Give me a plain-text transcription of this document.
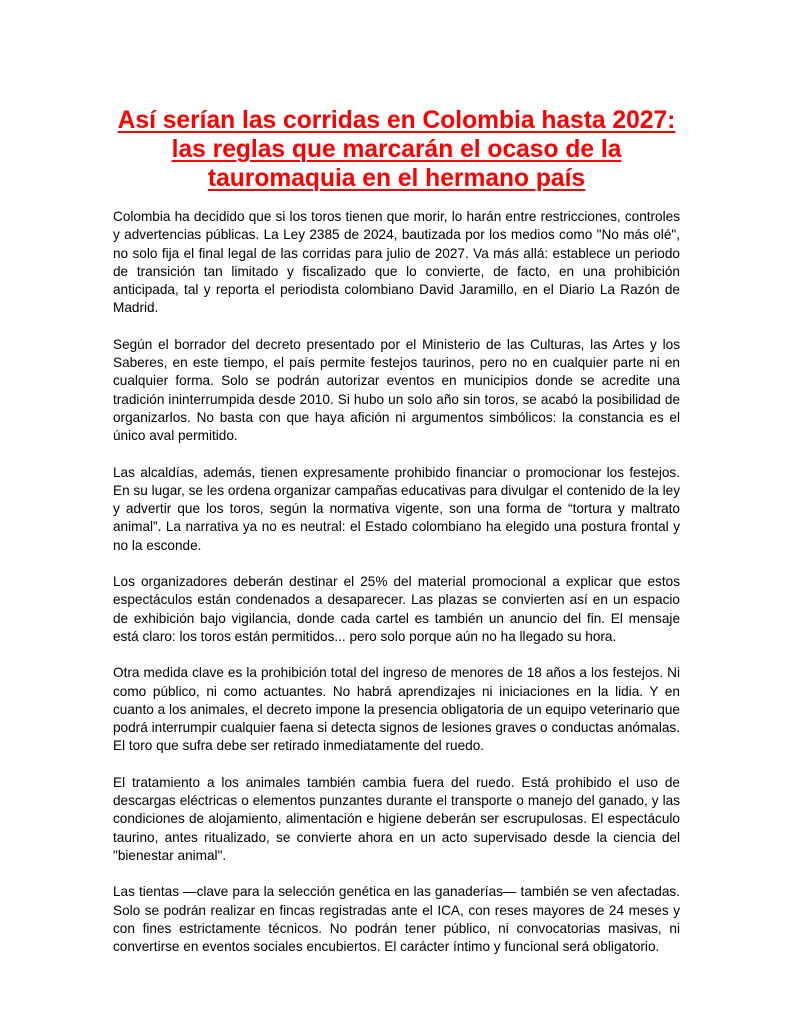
Así serían las corridas en Colombia hasta 2027: las reglas que marcarán el ocaso de la tauromaquia en el hermano país

Colombia ha decidido que si los toros tienen que morir, lo harán entre restricciones, controles y advertencias públicas. La Ley 2385 de 2024, bautizada por los medios como "No más olé", no solo fija el final legal de las corridas para julio de 2027. Va más allá: establece un periodo de transición tan limitado y fiscalizado que lo convierte, de facto, en una prohibición anticipada, tal y reporta el periodista colombiano David Jaramillo, en el Diario La Razón de Madrid.

Según el borrador del decreto presentado por el Ministerio de las Culturas, las Artes y los Saberes, en este tiempo, el país permite festejos taurinos, pero no en cualquier parte ni en cualquier forma. Solo se podrán autorizar eventos en municipios donde se acredite una tradición ininterrumpida desde 2010. Si hubo un solo año sin toros, se acabó la posibilidad de organizarlos. No basta con que haya afición ni argumentos simbólicos: la constancia es el único aval permitido.

Las alcaldías, además, tienen expresamente prohibido financiar o promocionar los festejos. En su lugar, se les ordena organizar campañas educativas para divulgar el contenido de la ley y advertir que los toros, según la normativa vigente, son una forma de “tortura y maltrato animal”. La narrativa ya no es neutral: el Estado colombiano ha elegido una postura frontal y no la esconde.

Los organizadores deberán destinar el 25% del material promocional a explicar que estos espectáculos están condenados a desaparecer. Las plazas se convierten así en un espacio de exhibición bajo vigilancia, donde cada cartel es también un anuncio del fin. El mensaje está claro: los toros están permitidos... pero solo porque aún no ha llegado su hora.

Otra medida clave es la prohibición total del ingreso de menores de 18 años a los festejos. Ni como público, ni como actuantes. No habrá aprendizajes ni iniciaciones en la lidia. Y en cuanto a los animales, el decreto impone la presencia obligatoria de un equipo veterinario que podrá interrumpir cualquier faena si detecta signos de lesiones graves o conductas anómalas. El toro que sufra debe ser retirado inmediatamente del ruedo.

El tratamiento a los animales también cambia fuera del ruedo. Está prohibido el uso de descargas eléctricas o elementos punzantes durante el transporte o manejo del ganado, y las condiciones de alojamiento, alimentación e higiene deberán ser escrupulosas. El espectáculo taurino, antes ritualizado, se convierte ahora en un acto supervisado desde la ciencia del "bienestar animal".

Las tientas —clave para la selección genética en las ganaderías— también se ven afectadas. Solo se podrán realizar en fincas registradas ante el ICA, con reses mayores de 24 meses y con fines estrictamente técnicos. No podrán tener público, ni convocatorias masivas, ni convertirse en eventos sociales encubiertos. El carácter íntimo y funcional será obligatorio.
